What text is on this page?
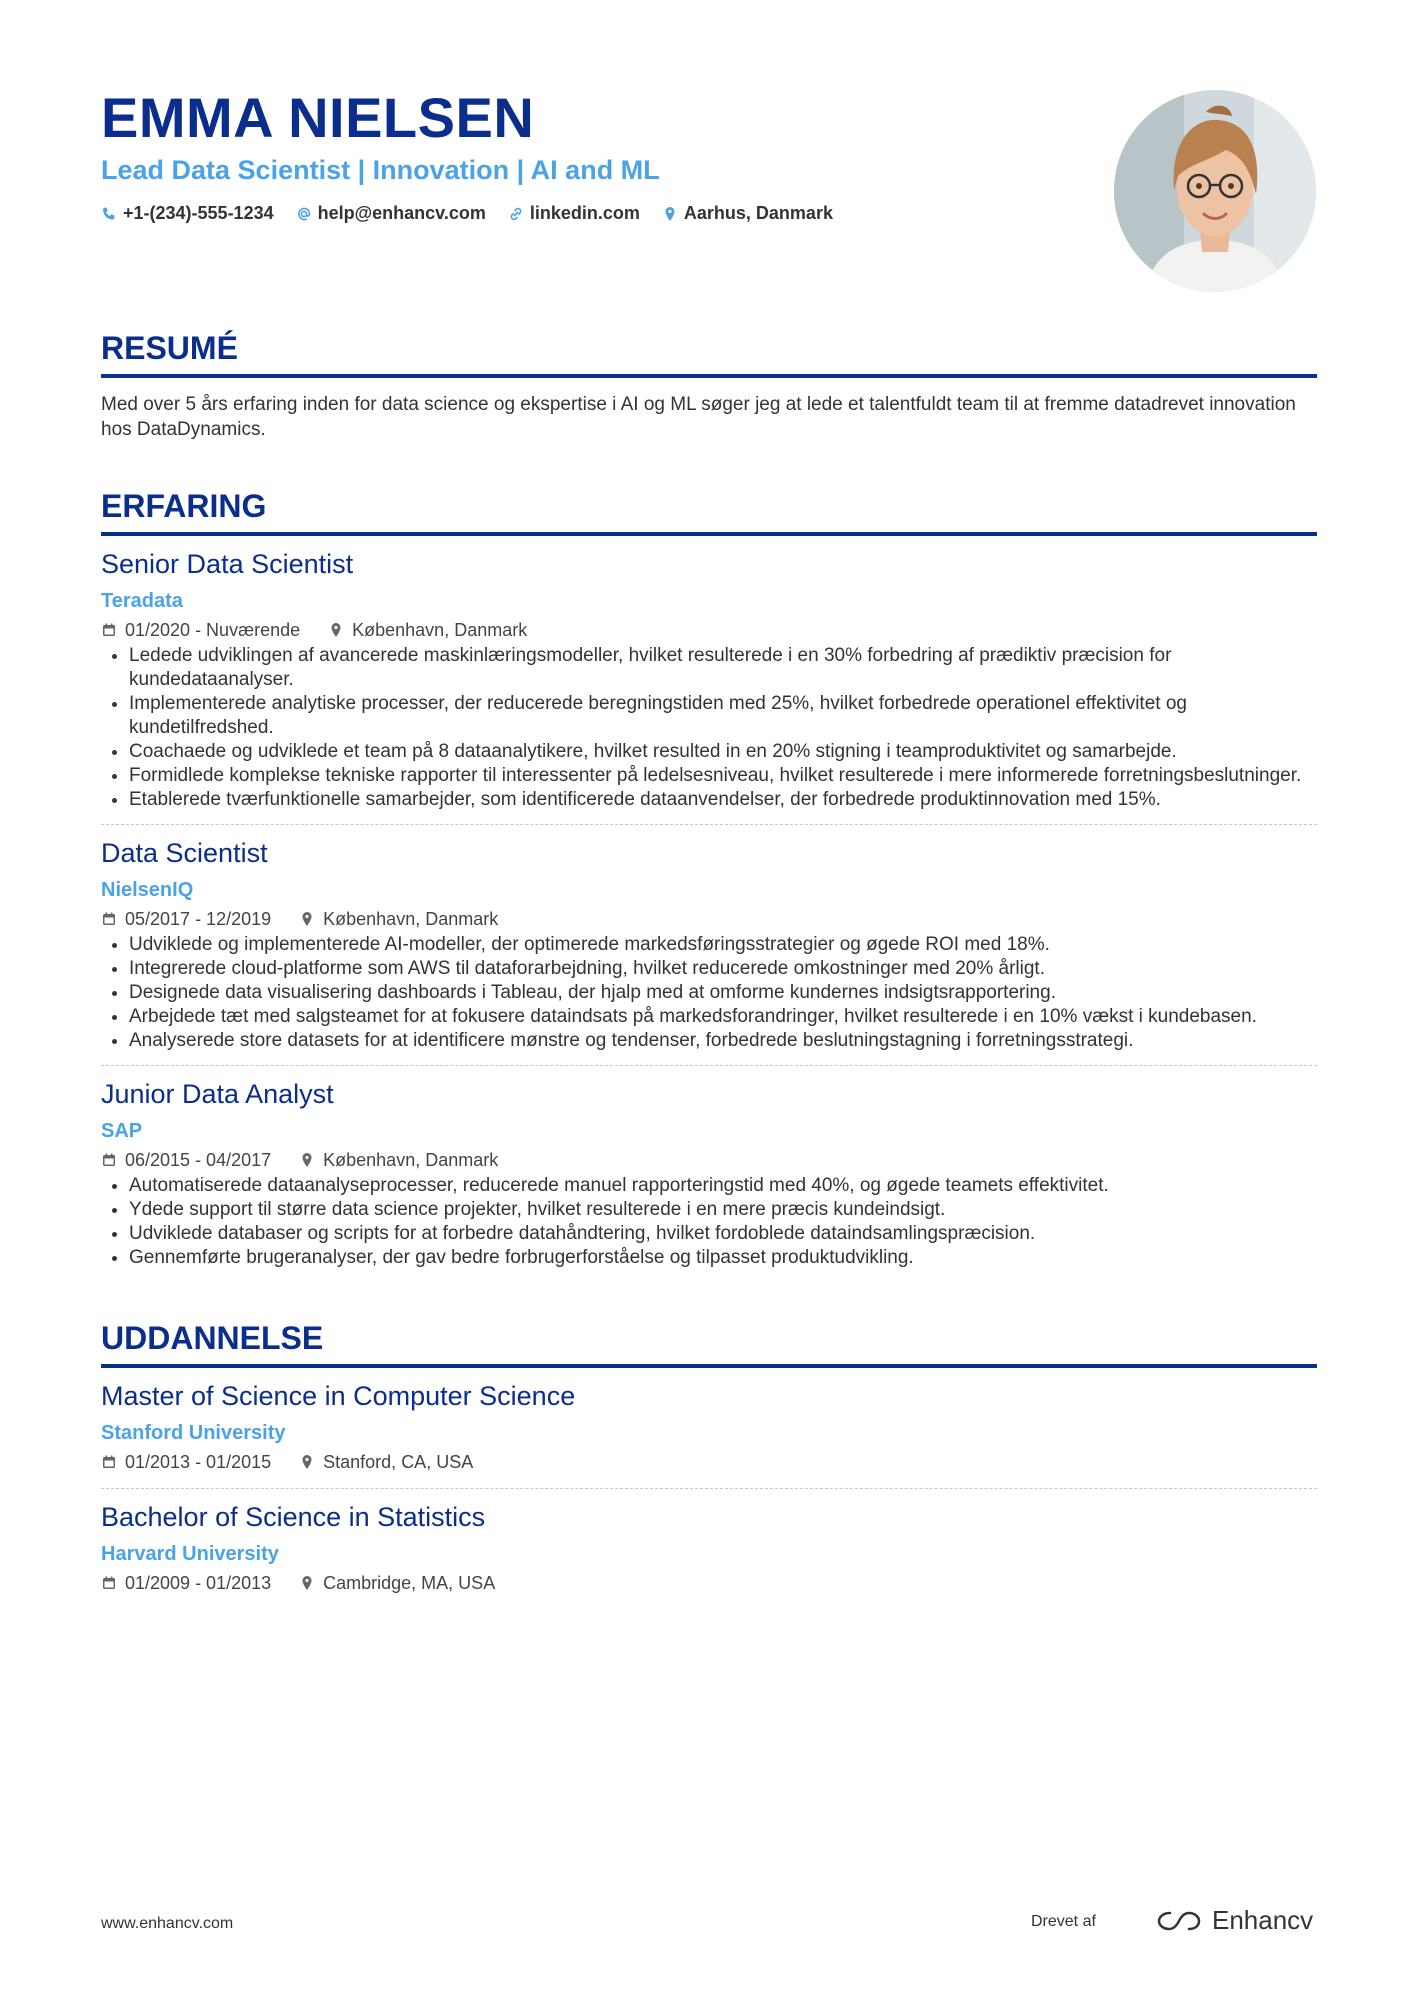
EMMA NIELSEN
Lead Data Scientist | Innovation | AI and ML
+1-(234)-555-1234 help@enhancv.com linkedin.com Aarhus, Danmark
RESUMÉ
Med over 5 års erfaring inden for data science og ekspertise i AI og ML søger jeg at lede et talentfuldt team til at fremme datadrevet innovation hos DataDynamics.
ERFARING
Senior Data Scientist
Teradata
01/2020 - Nuværende	København, Danmark
• Ledede udviklingen af avancerede maskinlæringsmodeller, hvilket resulterede i en 30% forbedring af prædiktiv præcision for kundedataanalyser.
• Implementerede analytiske processer, der reducerede beregningstiden med 25%, hvilket forbedrede operationel effektivitet og kundetilfredshed.
• Coachaede og udviklede et team på 8 dataanalytikere, hvilket resulted in en 20% stigning i teamproduktivitet og samarbejde.
• Formidlede komplekse tekniske rapporter til interessenter på ledelsesniveau, hvilket resulterede i mere informerede forretningsbeslutninger.
• Etablerede tværfunktionelle samarbejder, som identificerede dataanvendelser, der forbedrede produktinnovation med 15%.
Data Scientist
NielsenIQ
05/2017 - 12/2019	København, Danmark
• Udviklede og implementerede AI-modeller, der optimerede markedsføringsstrategier og øgede ROI med 18%.
• Integrerede cloud-platforme som AWS til dataforarbejdning, hvilket reducerede omkostninger med 20% årligt.
• Designede data visualisering dashboards i Tableau, der hjalp med at omforme kundernes indsigtsrapportering.
• Arbejdede tæt med salgsteamet for at fokusere dataindsats på markedsforandringer, hvilket resulterede i en 10% vækst i kundebasen.
• Analyserede store datasets for at identificere mønstre og tendenser, forbedrede beslutningstagning i forretningsstrategi.
Junior Data Analyst
SAP
06/2015 - 04/2017	København, Danmark
• Automatiserede dataanalyseprocesser, reducerede manuel rapporteringstid med 40%, og øgede teamets effektivitet.
• Ydede support til større data science projekter, hvilket resulterede i en mere præcis kundeindsigt.
• Udviklede databaser og scripts for at forbedre datahåndtering, hvilket fordoblede dataindsamlingspræcision.
• Gennemførte brugeranalyser, der gav bedre forbrugerforståelse og tilpasset produktudvikling.
UDDANNELSE
Master of Science in Computer Science
Stanford University
01/2013 - 01/2015	Stanford, CA, USA
Bachelor of Science in Statistics
Harvard University
01/2009 - 01/2013	Cambridge, MA, USA
www.enhancv.com	Drevet af	Enhancv
